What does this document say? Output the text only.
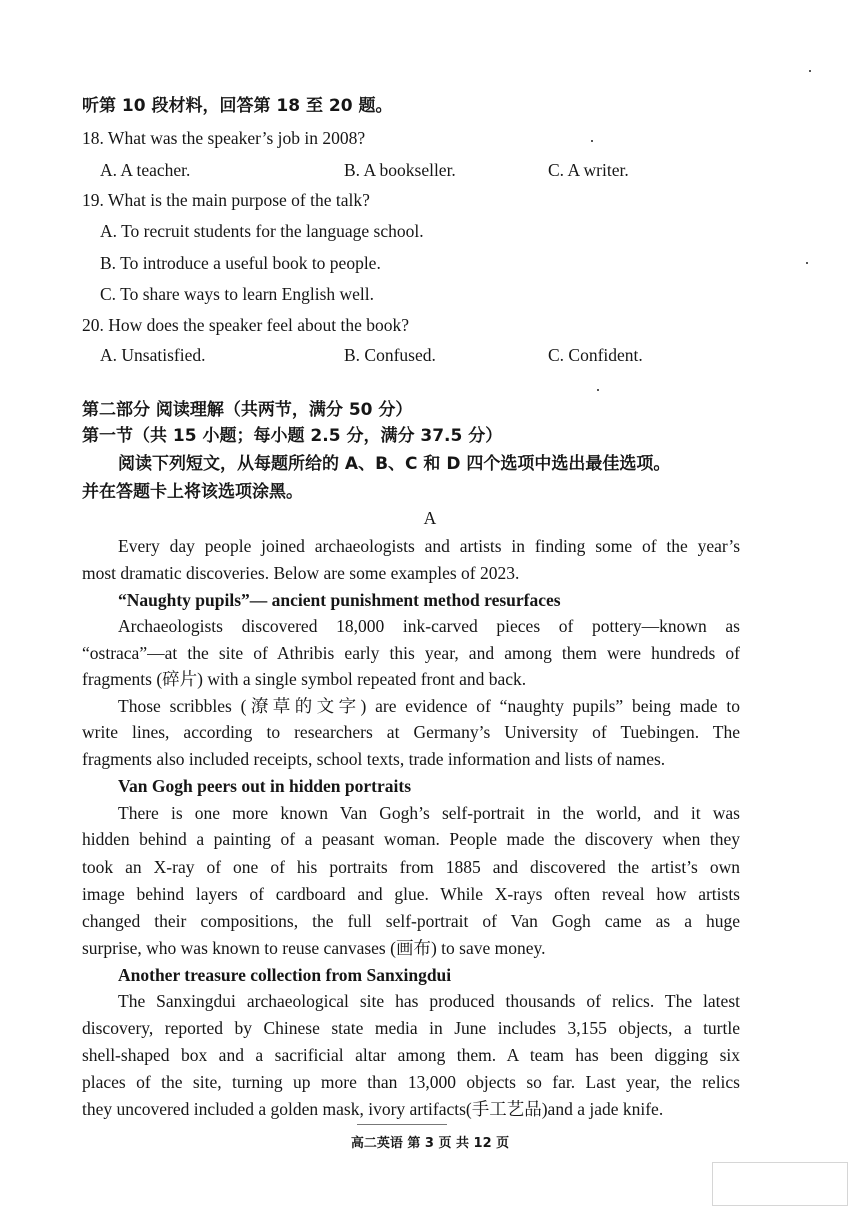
听第 10 段材料，回答第 18 至 20 题。
18. What was the speaker’s job in 2008?
A. A teacher.	B. A bookseller.	C. A writer.
19. What is the main purpose of the talk?
A. To recruit students for the language school.
B. To introduce a useful book to people.
C. To share ways to learn English well.
20. How does the speaker feel about the book?
A. Unsatisfied.	B. Confused.	C. Confident.
第二部分 阅读理解（共两节，满分 50 分）
第一节（共 15 小题；每小题 2.5 分，满分 37.5 分）
阅读下列短文，从每题所给的 A、B、C 和 D 四个选项中选出最佳选项。
并在答题卡上将该选项涂黑。
A
Every day people joined archaeologists and artists in finding some of the year’s
most dramatic discoveries. Below are some examples of 2023.
“Naughty pupils”— ancient punishment method resurfaces
Archaeologists discovered 18,000 ink-carved pieces of pottery—known as
“ostraca”—at the site of Athribis early this year, and among them were hundreds of
fragments (碎片) with a single symbol repeated front and back.
Those scribbles (潦草的文字) are evidence of “naughty pupils” being made to
write lines, according to researchers at Germany’s University of Tuebingen. The
fragments also included receipts, school texts, trade information and lists of names.
Van Gogh peers out in hidden portraits
There is one more known Van Gogh’s self-portrait in the world, and it was
hidden behind a painting of a peasant woman. People made the discovery when they
took an X-ray of one of his portraits from 1885 and discovered the artist’s own
image behind layers of cardboard and glue. While X-rays often reveal how artists
changed their compositions, the full self-portrait of Van Gogh came as a huge
surprise, who was known to reuse canvases (画布) to save money.
Another treasure collection from Sanxingdui
The Sanxingdui archaeological site has produced thousands of relics. The latest
discovery, reported by Chinese state media in June includes 3,155 objects, a turtle
shell-shaped box and a sacrificial altar among them. A team has been digging six
places of the site, turning up more than 13,000 objects so far. Last year, the relics
they uncovered included a golden mask, ivory artifacts(手工艺品)and a jade knife.
高二英语 第 3 页 共 12 页
